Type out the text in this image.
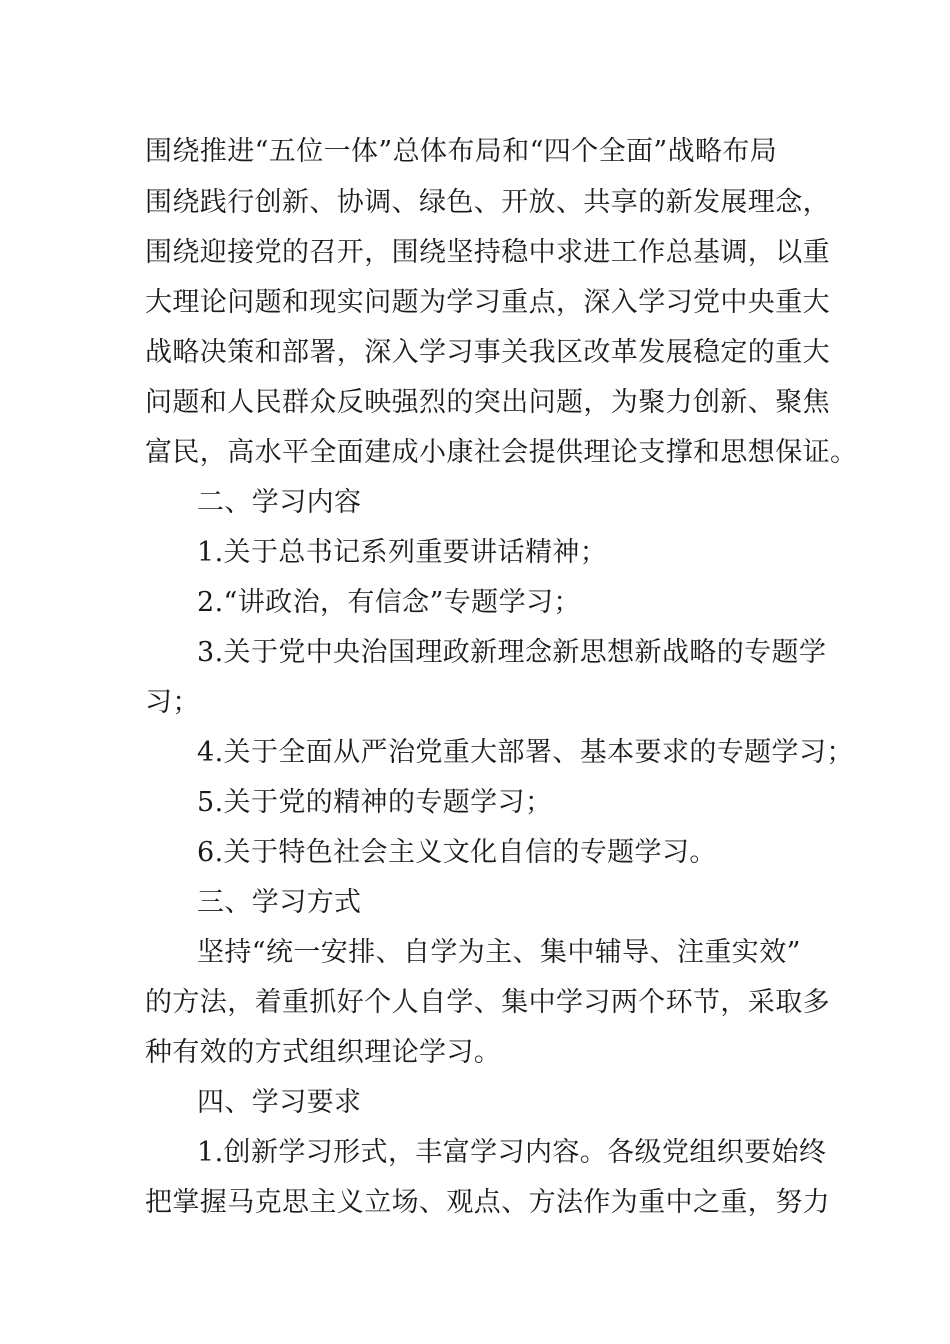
围绕推进“五位一体”总体布局和“四个全面”战略布局
围绕践行创新、协调、绿色、开放、共享的新发展理念，
围绕迎接党的召开，围绕坚持稳中求进工作总基调，以重
大理论问题和现实问题为学习重点，深入学习党中央重大
战略决策和部署，深入学习事关我区改革发展稳定的重大
问题和人民群众反映强烈的突出问题，为聚力创新、聚焦
富民，高水平全面建成小康社会提供理论支撑和思想保证。
二、学习内容
1.关于总书记系列重要讲话精神；
2.“讲政治，有信念”专题学习；
3.关于党中央治国理政新理念新思想新战略的专题学
习；
4.关于全面从严治党重大部署、基本要求的专题学习；
5.关于党的精神的专题学习；
6.关于特色社会主义文化自信的专题学习。
三、学习方式
坚持“统一安排、自学为主、集中辅导、注重实效”
的方法，着重抓好个人自学、集中学习两个环节，采取多
种有效的方式组织理论学习。
四、学习要求
1.创新学习形式，丰富学习内容。各级党组织要始终
把掌握马克思主义立场、观点、方法作为重中之重，努力
